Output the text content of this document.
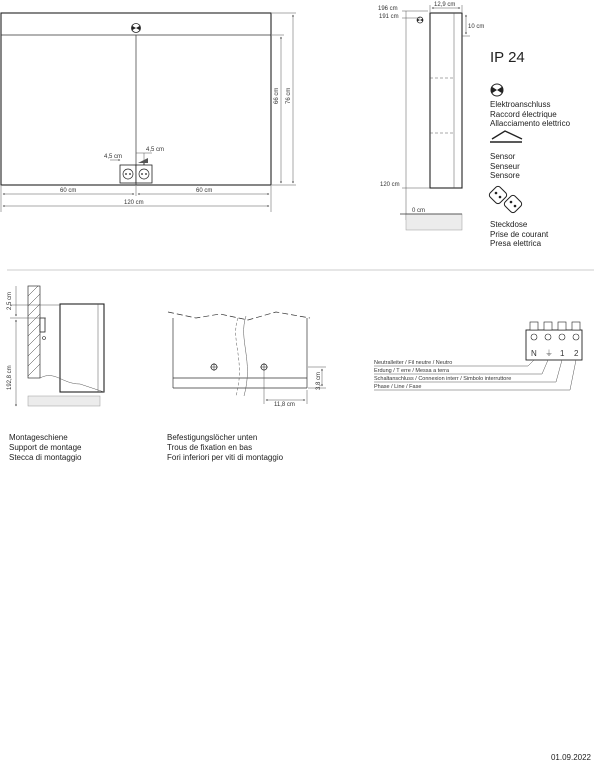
4,5 cm
4,5 cm
60 cm	60 cm
120 cm
66 cm 76 cm
12,9 cm
196 cm
191 cm
10 cm
120 cm
0 cm
2,5 cm
192,8 cm
11,8 cm
3,8 cm
N ⏚ 1 2
Neutralleiter / Fil neutre / Neutro
Erdung / T erre / Messa a terra
Schaltanschluss / Connexion interr / Simbolo interruttore
Phase / Line / Fase
IP 24
Elektroanschluss
Raccord électrique
Allacciamento elettrico
Sensor
Senseur
Sensore
Steckdose
Prise de courant
Presa elettrica
Montageschiene
Support de montage
Stecca di montaggio
Befestigungslöcher unten
Trous de fixation en bas
Fori inferiori per viti di montaggio
01.09.2022
